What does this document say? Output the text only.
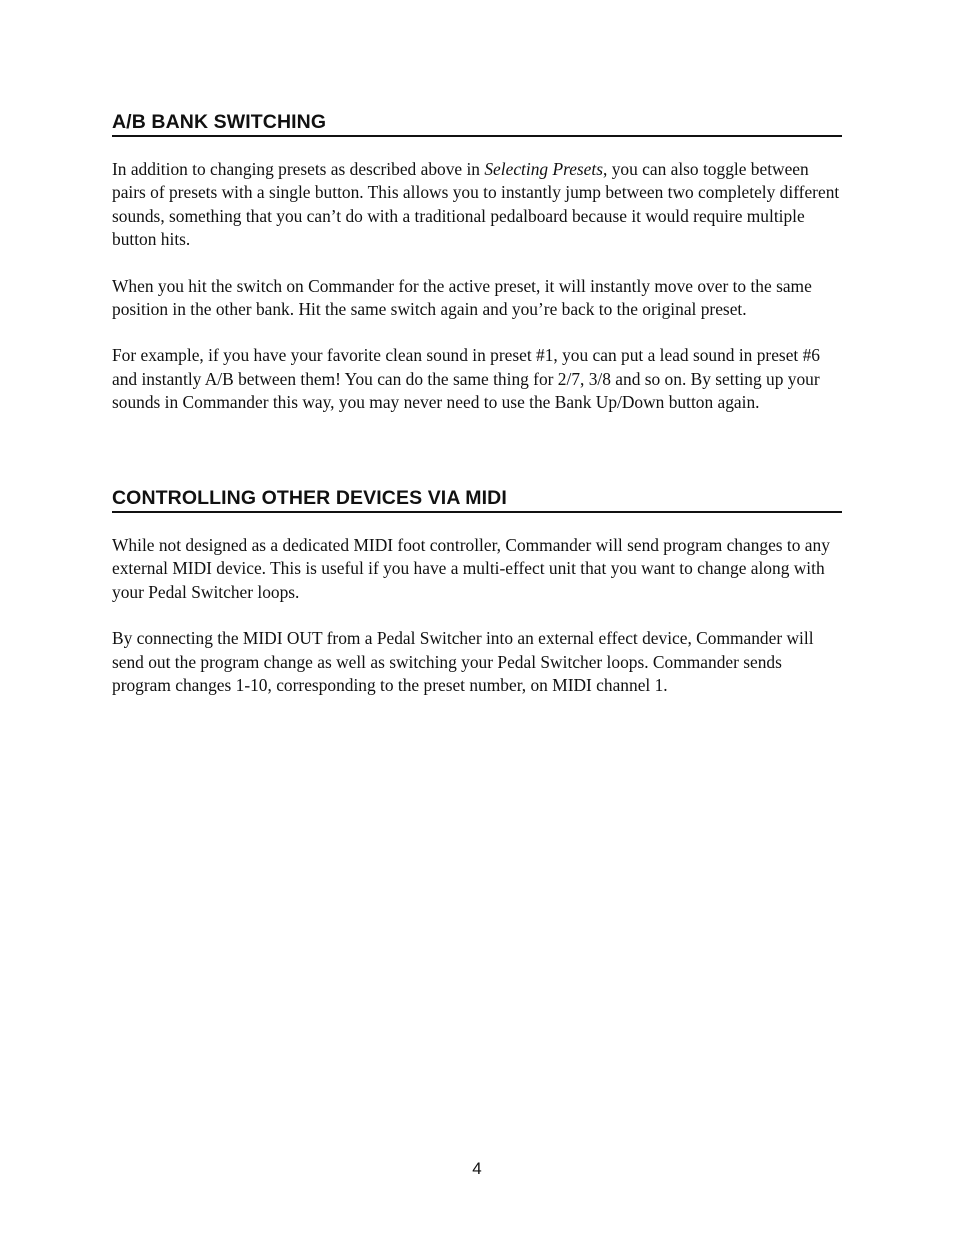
A/B BANK SWITCHING

In addition to changing presets as described above in Selecting Presets, you can also toggle between pairs of presets with a single button. This allows you to instantly jump between two completely different sounds, something that you can’t do with a traditional pedalboard because it would require multiple button hits.

When you hit the switch on Commander for the active preset, it will instantly move over to the same position in the other bank. Hit the same switch again and you’re back to the original preset.

For example, if you have your favorite clean sound in preset #1, you can put a lead sound in preset #6 and instantly A/B between them! You can do the same thing for 2/7, 3/8 and so on. By setting up your sounds in Commander this way, you may never need to use the Bank Up/Down button again.

CONTROLLING OTHER DEVICES VIA MIDI

While not designed as a dedicated MIDI foot controller, Commander will send program changes to any external MIDI device. This is useful if you have a multi-effect unit that you want to change along with your Pedal Switcher loops.

By connecting the MIDI OUT from a Pedal Switcher into an external effect device, Commander will send out the program change as well as switching your Pedal Switcher loops. Commander sends program changes 1-10, corresponding to the preset number, on MIDI channel 1.

4
